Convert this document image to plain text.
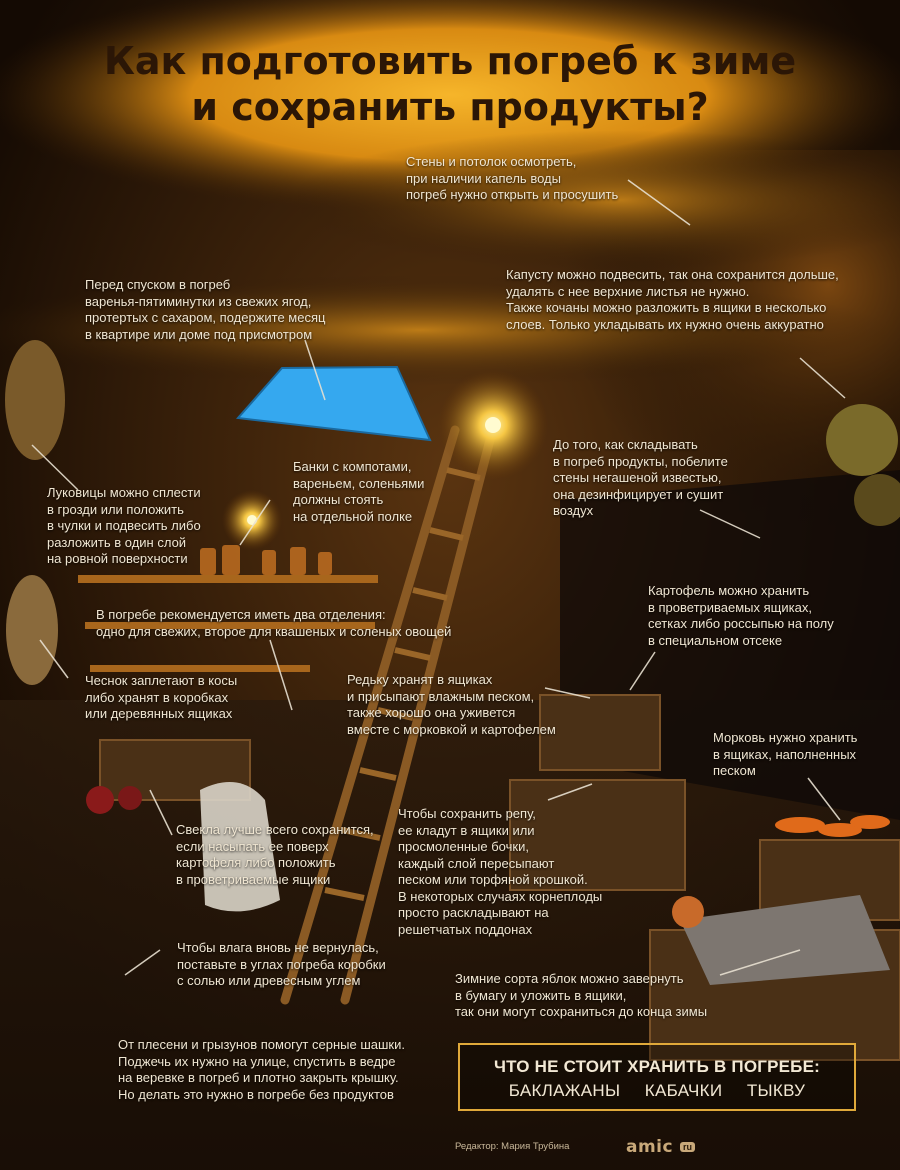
Как подготовить погреб к зиме
и сохранить продукты?
Стены и потолок осмотреть,
при наличии капель воды
погреб нужно открыть и просушить
Капусту можно подвесить, так она сохранится дольше,
удалять с нее верхние листья не нужно.
Также кочаны можно разложить в ящики в несколько
слоев. Только укладывать их нужно очень аккуратно
Перед спуском в погреб
варенья-пятиминутки из свежих ягод,
протертых с сахаром, подержите месяц
в квартире или доме под присмотром
До того, как складывать
в погреб продукты, побелите
стены негашеной известью,
она дезинфицирует и сушит
воздух
Банки с компотами,
вареньем, соленьями
должны стоять
на отдельной полке
Луковицы можно сплести
в грозди или положить
в чулки и подвесить либо
разложить в один слой
на ровной поверхности
Картофель можно хранить
в проветриваемых ящиках,
сетках либо россыпью на полу
в специальном отсеке
В погребе рекомендуется иметь два отделения:
одно для свежих, второе для квашеных и соленых овощей
Чеснок заплетают в косы
либо хранят в коробках
или деревянных ящиках
Редьку хранят в ящиках
и присыпают влажным песком,
также хорошо она уживется
вместе с морковкой и картофелем
Морковь нужно хранить
в ящиках, наполненных
песком
Свекла лучше всего сохранится,
если насыпать ее поверх
картофеля либо положить
в проветриваемые ящики
Чтобы сохранить репу,
ее кладут в ящики или
просмоленные бочки,
каждый слой пересыпают
песком или торфяной крошкой.
В некоторых случаях корнеплоды
просто раскладывают на
решетчатых поддонах
Чтобы влага вновь не вернулась,
поставьте в углах погреба коробки
с солью или древесным углем	Зимние сорта яблок можно завернуть
в бумагу и уложить в ящики,
так они могут сохраниться до конца зимы
От плесени и грызунов помогут серные шашки.
Поджечь их нужно на улице, спустить в ведре
на веревке в погреб и плотно закрыть крышку.
Но делать это нужно в погребе без продуктов
ЧТО НЕ СТОИТ ХРАНИТЬ В ПОГРЕБЕ:
БАКЛАЖАНЫ КАБАЧКИ ТЫКВУ
Редактор: Мария Трубина	amic	ru
